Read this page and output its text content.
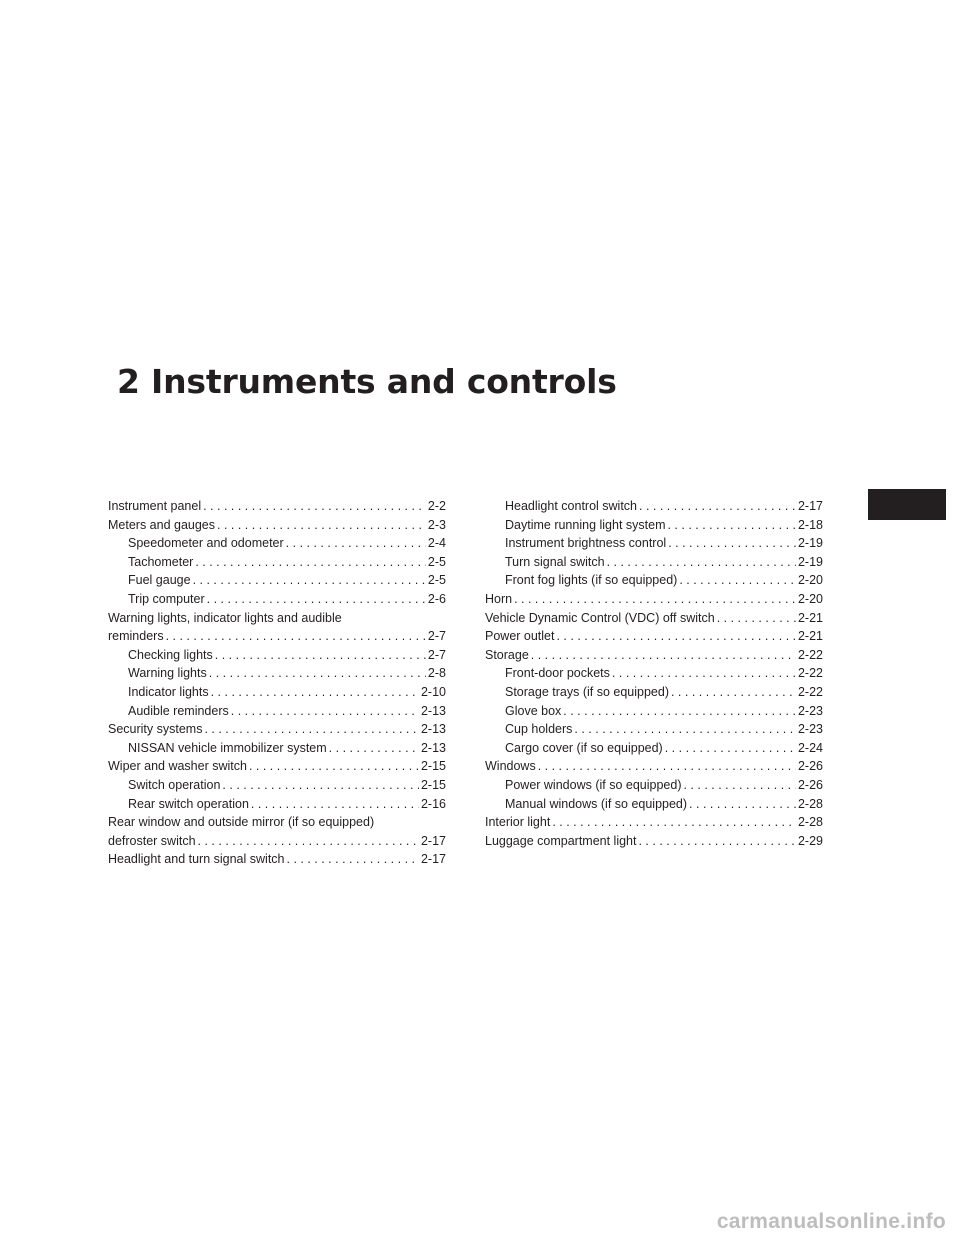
2 Instruments and controls
Instrument panel . . .	2-2
Meters and gauges . . .	2-3
Speedometer and odometer . . .	2-4
Tachometer . . .	2-5
Fuel gauge . . .	2-5
Trip computer . . .	2-6
Warning lights, indicator lights and audible
reminders . . .	2-7
Checking lights . . .	2-7
Warning lights . . .	2-8
Indicator lights . . .	2-10
Audible reminders . . .	2-13
Security systems . . .	2-13
NISSAN vehicle immobilizer system . . .	2-13
Wiper and washer switch . . .	2-15
Switch operation . . .	2-15
Rear switch operation . . .	2-16
Rear window and outside mirror (if so equipped)
defroster switch . . .	2-17
Headlight and turn signal switch . . .	2-17
Headlight control switch . . .	2-17
Daytime running light system . . .	2-18
Instrument brightness control . . .	2-19
Turn signal switch . . .	2-19
Front fog lights (if so equipped) . . .	2-20
Horn . . .	2-20
Vehicle Dynamic Control (VDC) off switch . . .	2-21
Power outlet . . .	2-21
Storage . . .	2-22
Front-door pockets . . .	2-22
Storage trays (if so equipped) . . .	2-22
Glove box . . .	2-23
Cup holders . . .	2-23
Cargo cover (if so equipped) . . .	2-24
Windows . . .	2-26
Power windows (if so equipped) . . .	2-26
Manual windows (if so equipped) . . .	2-28
Interior light . . .	2-28
Luggage compartment light . . .	2-29
carmanualsonline.info
